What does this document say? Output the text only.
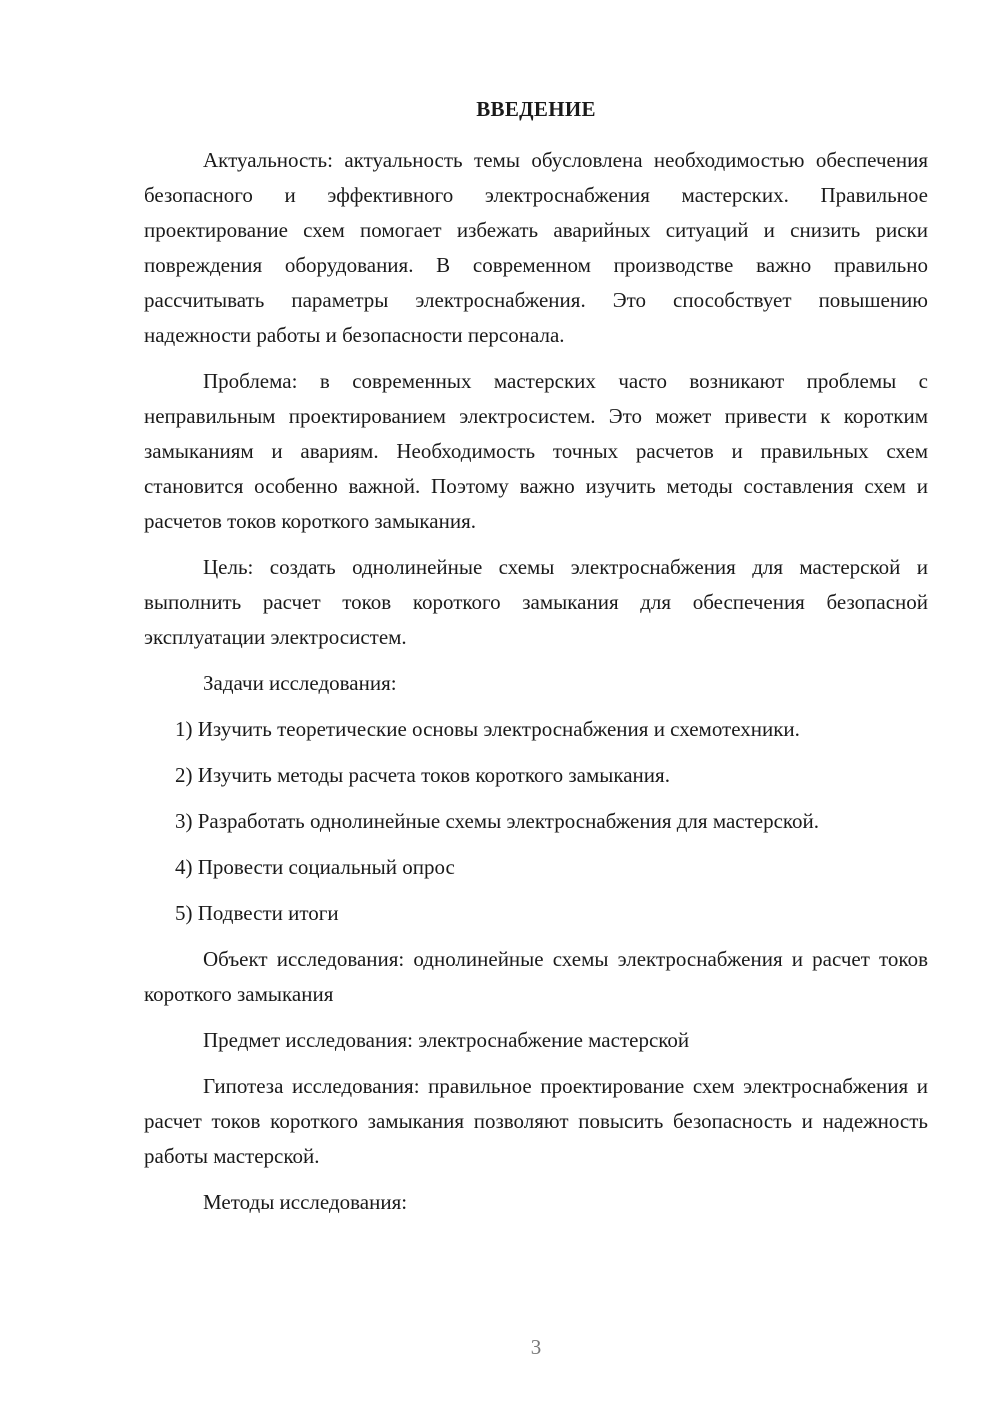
ВВЕДЕНИЕ

Актуальность: актуальность темы обусловлена необходимостью обеспечения безопасного и эффективного электроснабжения мастерских. Правильное проектирование схем помогает избежать аварийных ситуаций и снизить риски повреждения оборудования. В современном производстве важно правильно рассчитывать параметры электроснабжения. Это способствует повышению надежности работы и безопасности персонала.

Проблема: в современных мастерских часто возникают проблемы с неправильным проектированием электросистем. Это может привести к коротким замыканиям и авариям. Необходимость точных расчетов и правильных схем становится особенно важной. Поэтому важно изучить методы составления схем и расчетов токов короткого замыкания.

Цель: создать однолинейные схемы электроснабжения для мастерской и выполнить расчет токов короткого замыкания для обеспечения безопасной эксплуатации электросистем.

Задачи исследования:

1) Изучить теоретические основы электроснабжения и схемотехники.

2) Изучить методы расчета токов короткого замыкания.

3) Разработать однолинейные схемы электроснабжения для мастерской.

4) Провести социальный опрос

5) Подвести итоги

Объект исследования: однолинейные схемы электроснабжения и расчет токов короткого замыкания

Предмет исследования: электроснабжение мастерской

Гипотеза исследования: правильное проектирование схем электроснабжения и расчет токов короткого замыкания позволяют повысить безопасность и надежность работы мастерской.

Методы исследования:

3
